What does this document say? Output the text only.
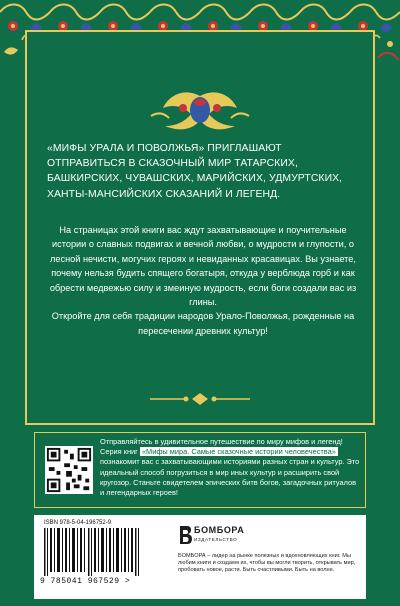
«МИФЫ УРАЛА И ПОВОЛЖЬЯ» ПРИГЛАШАЮТ ОТПРАВИТЬСЯ В СКАЗОЧНЫЙ МИР ТАТАРСКИХ, БАШКИРСКИХ, ЧУВАШСКИХ, МАРИЙСКИХ, УДМУРТСКИХ, ХАНТЫ-МАНСИЙСКИХ СКАЗАНИЙ И ЛЕГЕНД.

На страницах этой книги вас ждут захватывающие и поучительные истории о славных подвигах и вечной любви, о мудрости и глупости, о лесной нечисти, могучих героях и невиданных красавицах. Вы узнаете, почему нельзя будить спящего богатыря, откуда у верблюда горб и как обрести медвежью силу и змеиную мудрость, если боги создали вас из глины.

Откройте для себя традиции народов Урало-Поволжья, рожденные на пересечении древних культур!

Отправляйтесь в удивительное путешествие по миру мифов и легенд! Серия книг «Мифы мира. Самые сказочные истории человечества» познакомит вас с захватывающими историями разных стран и культур. Это идеальный способ погрузиться в мир иных культур и расширить свой кругозор. Станьте свидетелем эпических битв богов, загадочных ритуалов и легендарных героев!

ISBN 978-5-04-196752-9
9 785041 967529 >
БОМБОРА
ИЗДАТЕЛЬСТВО

БОМБОРА – лидер на рынке полезных и вдохновляющих книг. Мы любим книги и создаем их, чтобы вы могли творить, открывать мир, пробовать новое, расти. Быть счастливыми. Быть на волне.
